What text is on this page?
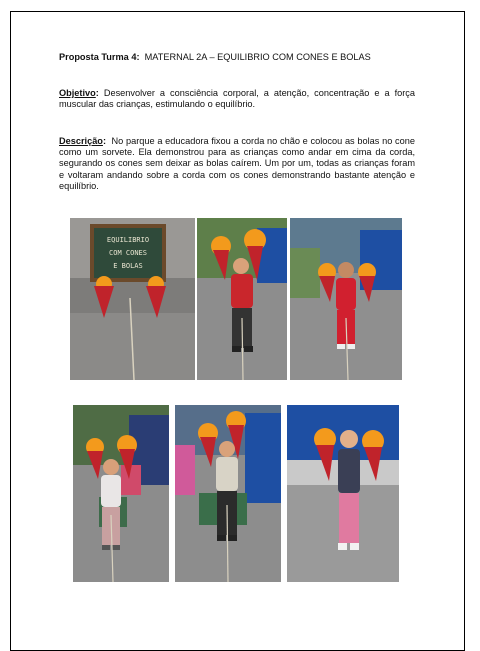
Proposta Turma 4: MATERNAL 2A – EQUILIBRIO COM CONES E BOLAS
Objetivo: Desenvolver a consciência corporal, a atenção, concentração e a força muscular das crianças, estimulando o equilíbrio.
Descrição: No parque a educadora fixou a corda no chão e colocou as bolas no cone como um sorvete. Ela demonstrou para as crianças como andar em cima da corda, segurando os cones sem deixar as bolas caírem. Um por um, todas as crianças foram e voltaram andando sobre a corda com os cones demonstrando bastante atenção e equilíbrio.
EQUILIBRIO
COM CONES
E BOLAS
